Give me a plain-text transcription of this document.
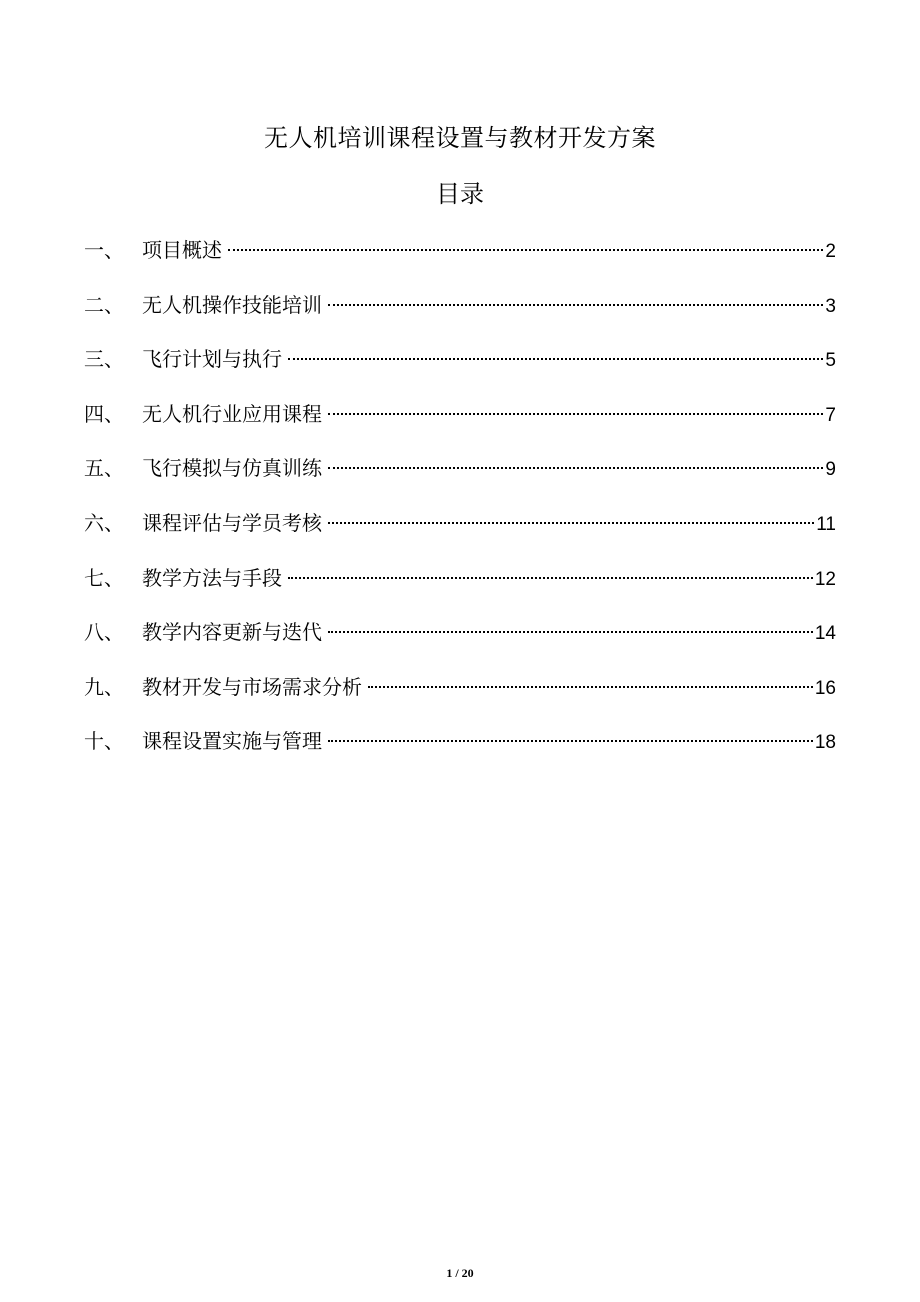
无人机培训课程设置与教材开发方案
目录
一、 项目概述	2
二、 无人机操作技能培训	3
三、 飞行计划与执行	5
四、 无人机行业应用课程	7
五、 飞行模拟与仿真训练	9
六、 课程评估与学员考核	11
七、 教学方法与手段	12
八、 教学内容更新与迭代	14
九、 教材开发与市场需求分析	16
十、 课程设置实施与管理	18
1 / 20
